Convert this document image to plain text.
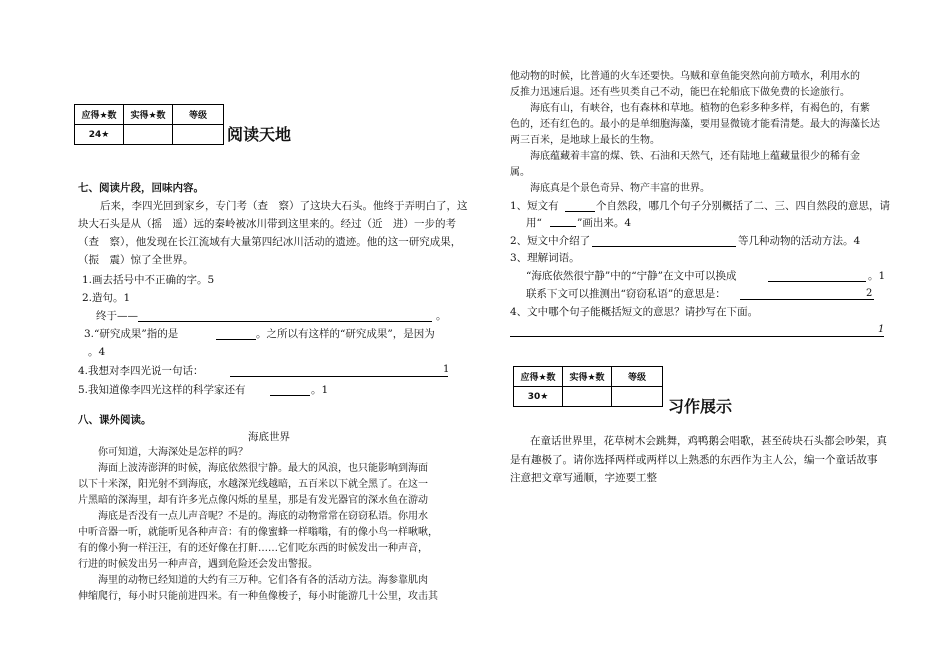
应得★数	实得★数	等级
24★			阅读天地
七、阅读片段，回味内容。
后来，李四光回到家乡，专门考（查　察）了这块大石头。他终于弄明白了，这
块大石头是从（摇　遥）远的秦岭被冰川带到这里来的。经过（近　进）一步的考
（查　察），他发现在长江流域有大量第四纪冰川活动的遗迹。他的这一研究成果，
（振　震）惊了全世界。
1.画去括号中不正确的字。5
2.造句。1
终于——	。
3.“研究成果”指的是	。之所以有这样的“研究成果”，是因为
。4
4.我想对李四光说一句话：	1
5.我知道像李四光这样的科学家还有	。1
八、课外阅读。
海底世界
你可知道，大海深处是怎样的吗？
海面上波涛澎湃的时候，海底依然很宁静。最大的风浪，也只能影响到海面
以下十米深，阳光射不到海底，水越深光线越暗，五百米以下就全黑了。在这一
片黑暗的深海里，却有许多光点像闪烁的星星，那是有发光器官的深水鱼在游动
海底是否没有一点儿声音呢？不是的。海底的动物常常在窃窃私语。你用水
中听音器一听，就能听见各种声音：有的像蜜蜂一样嗡嗡，有的像小鸟一样啾啾，
有的像小狗一样汪汪，有的还好像在打鼾……它们吃东西的时候发出一种声音，
行进的时候发出另一种声音，遇到危险还会发出警报。
海里的动物已经知道的大约有三万种。它们各有各的活动方法。海参靠肌肉
伸缩爬行，每小时只能前进四米。有一种鱼像梭子，每小时能游几十公里，攻击其
他动物的时候，比普通的火车还要快。乌贼和章鱼能突然向前方喷水，利用水的
反推力迅速后退。还有些贝类自己不动，能巴在轮船底下做免费的长途旅行。
海底有山，有峡谷，也有森林和草地。植物的色彩多种多样，有褐色的，有紫
色的，还有红色的。最小的是单细胞海藻，要用显微镜才能看清楚。最大的海藻长达
两三百米，是地球上最长的生物。
海底蕴藏着丰富的煤、铁、石油和天然气，还有陆地上蕴藏量很少的稀有金
属。
海底真是个景色奇异、物产丰富的世界。
1、短文有	个自然段，哪几个句子分别概括了二、三、四自然段的意思，请
用“	”画出来。4
2、短文中介绍了	等几种动物的活动方法。4
3、理解词语。
“海底依然很宁静”中的“宁静”在文中可以换成	。1
联系下文可以推测出“窃窃私语”的意思是：	2
4、文中哪个句子能概括短文的意思？请抄写在下面。
1
应得★数	实得★数	等级
30★		
习作展示
在童话世界里，花草树木会跳舞，鸡鸭鹅会唱歌，甚至砖块石头都会吵架，真
是有趣极了。请你选择两样或两样以上熟悉的东西作为主人公，编一个童话故事
注意把文章写通顺，字迹要工整
